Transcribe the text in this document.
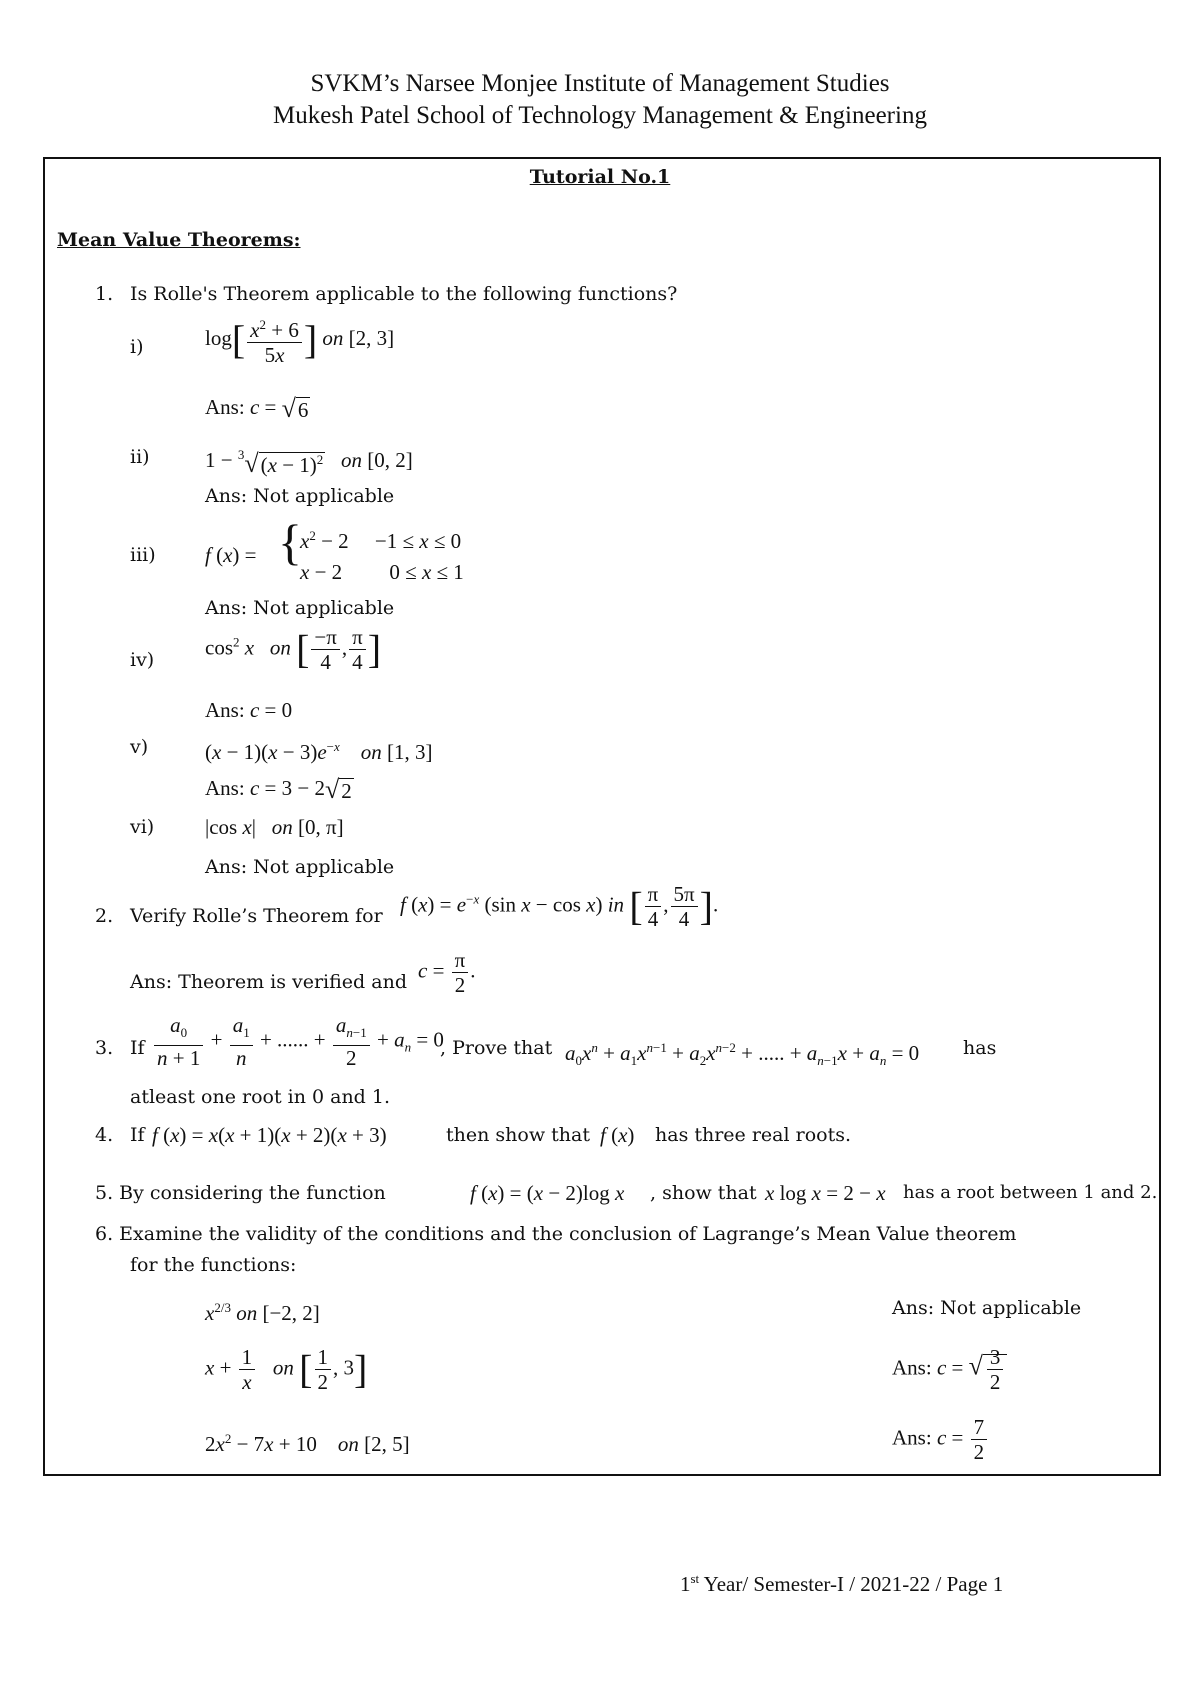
SVKM’s Narsee Monjee Institute of Management Studies
Mukesh Patel School of Technology Management & Engineering
Tutorial No.1
Mean Value Theorems:
1. Is Rolle's Theorem applicable to the following functions?
i)	$\log[ \frac{x^2 + 6}{5x}$ ] on [2, 3]
Ans: c = √6
ii)	$1 - ^3√(x - 1)^2$ on [0, 2]
Ans: Not applicable
iii) f (x) = {
$x^2 - 2$     −1 ≤ x ≤ 0
x − 2         0 ≤ x ≤ 1
Ans: Not applicable
iv)
$\cos^2 x$ on [ $\frac{-\pi}{4}$ , $\frac{\pi}{4}$ ]
Ans: c = 0
v)	$(x - 1)(x - 3)e^{-x}$ on [1, 3]
Ans: c = 3 − 2√2
vi) |cos x|   on [0, π]
Ans: Not applicable
2. Verify Rolle’s Theorem for f $(x) = e^{-x}$ (sin x − cos x) in [ $\frac{\pi}{4}$ , $\frac{5\pi}{4}$ ].
Ans: Theorem is verified and $c = \frac{\pi}{2}$ .
3. If $\frac{a_0}{n + 1} + \frac{a_1}{n}$ + ...... + $\frac{a_{n-1}}{2} + a_n = 0$
, Prove that $a_0x^n + a_1x^{n-1} + a_2x^{n-2}$ + ..... + $a_{n-1}x + a_n = 0$ has
atleast one root in 0 and 1.
4. If f (x) = x(x + 1)(x + 2)(x + 3)	then show that f (x) has three real roots.
5. By considering the function	f (x) = (x − 2)log x , show that x log x = 2 − x has a root between 1 and 2.
6. Examine the validity of the conditions and the conclusion of Lagrange’s Mean Value theorem
for the functions:
$x^{2/3}$ on [−2, 2]	Ans: Not applicable
$x + \frac{1}{x}$ on [ $\frac{1}{2}$ , 3]	Ans: c = √ $\frac{3}{2}$
$2x^2 - 7x + 10$    on [2, 5]	Ans: $c = \frac{7}{2}$
1st Year/ Semester-I / 2021-22 / Page 1
